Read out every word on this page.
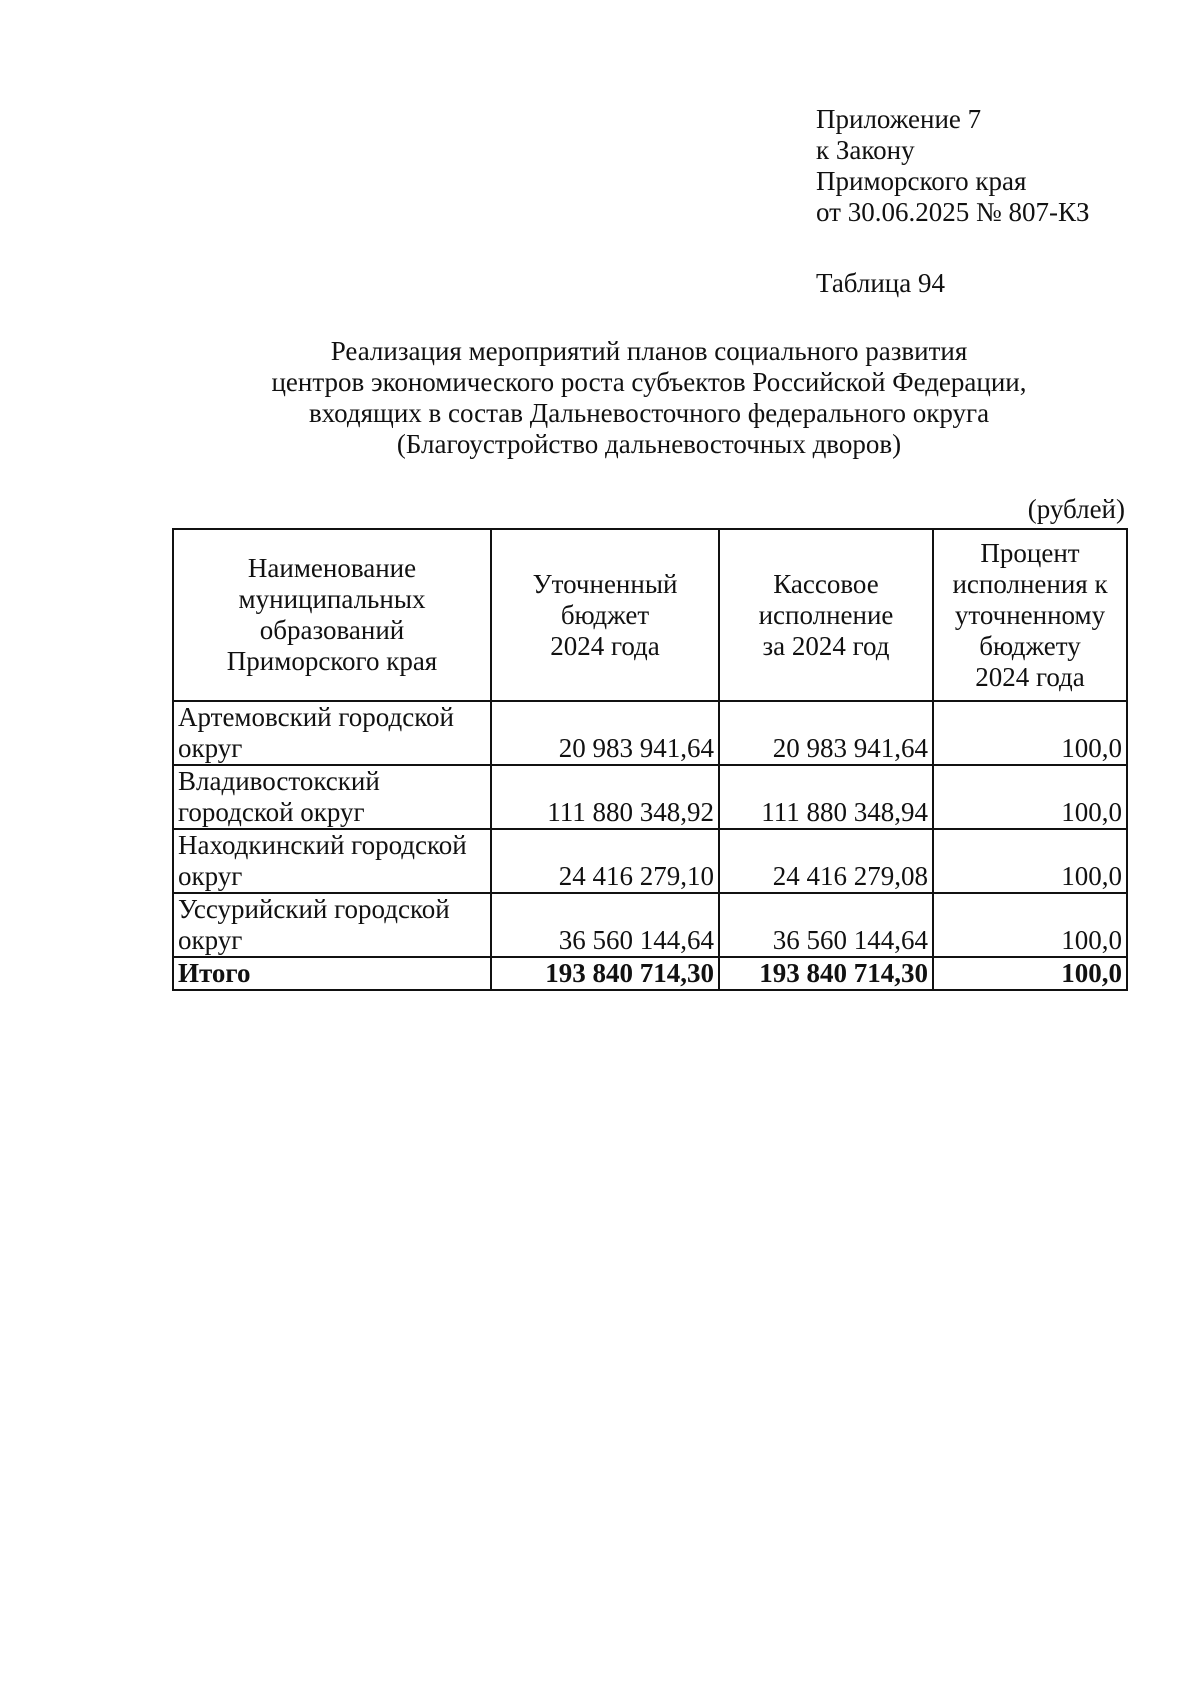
Приложение 7
к Закону
Приморского края
от 30.06.2025 № 807-КЗ
Таблица 94
Реализация мероприятий планов социального развития
центров экономического роста субъектов Российской Федерации,
входящих в состав Дальневосточного федерального округа
(Благоустройство дальневосточных дворов)
(рублей)
Наименование
муниципальных
образований
Приморского края	Уточненный
бюджет
2024 года	Кассовое
исполнение
за 2024 год	Процент
исполнения к
уточненному
бюджету
2024 года

Артемовский городской
округ	20 983 941,64	20 983 941,64	100,0

Владивостокский
городской округ	111 880 348,92	111 880 348,94	100,0

Находкинский городской
округ	24 416 279,10	24 416 279,08	100,0

Уссурийский городской
округ	36 560 144,64	36 560 144,64	100,0
Итого	193 840 714,30	193 840 714,30	100,0
